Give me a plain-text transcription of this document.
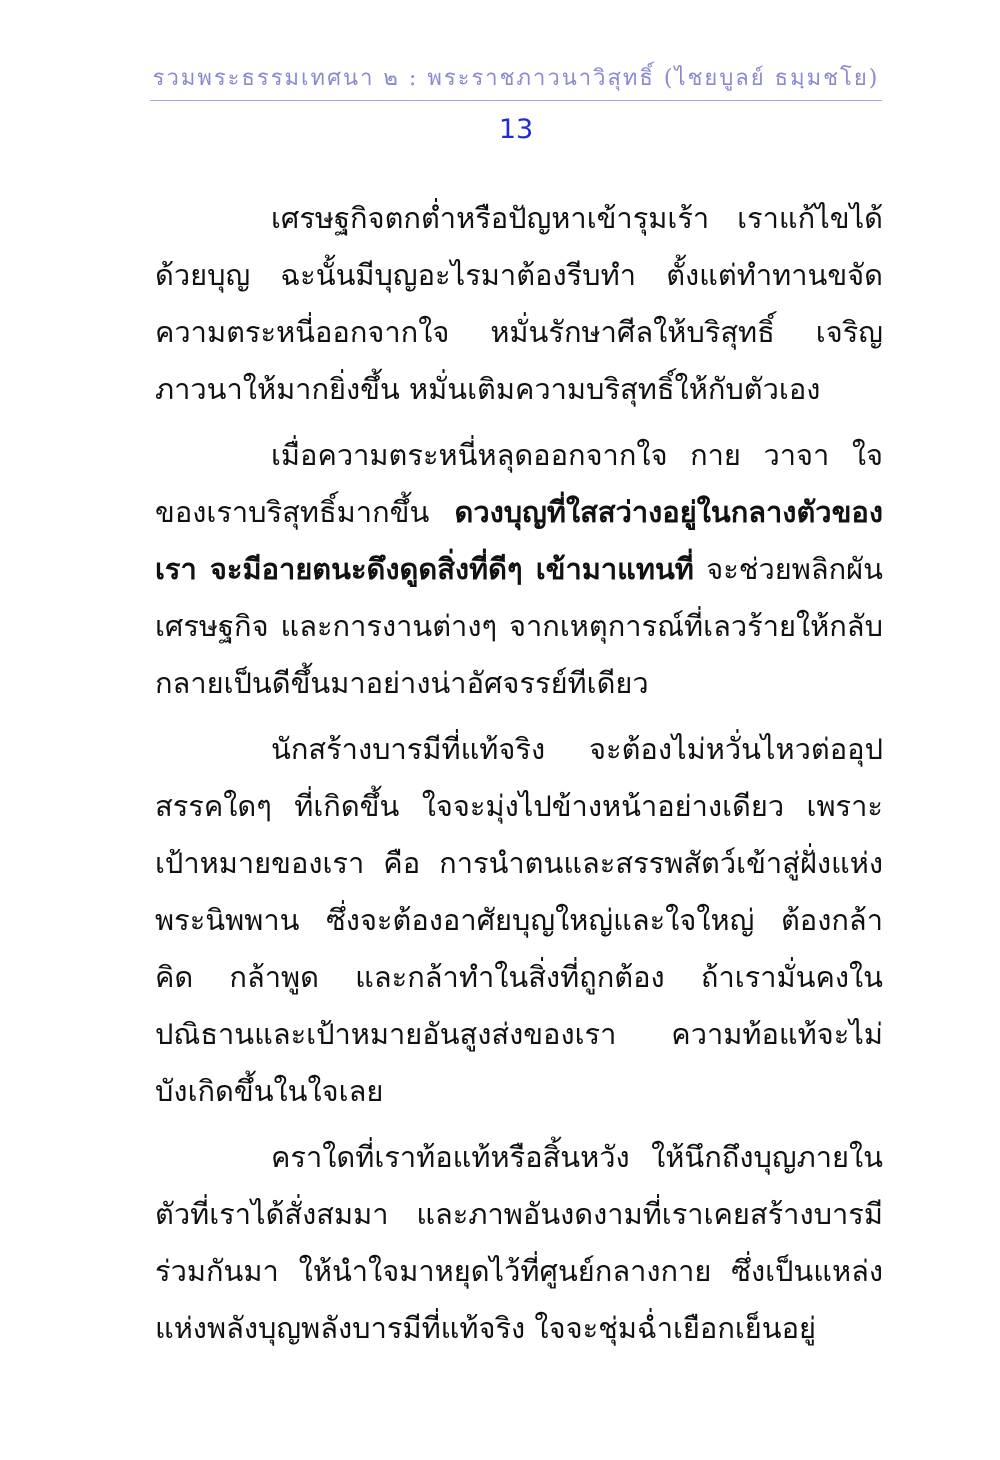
รวมพระธรรมเทศนา ๒ : พระราชภาวนาวิสุทธิ์ (ไชยบูลย์ ธมฺมชโย)
13

เศรษฐกิจตกต่ำหรือปัญหาเข้ารุมเร้า เราแก้ไขได้ด้วยบุญ ฉะนั้นมีบุญอะไรมาต้องรีบทำ ตั้งแต่ทำทานขจัดความตระหนี่ออกจากใจ หมั่นรักษาศีลให้บริสุทธิ์ เจริญภาวนาให้มากยิ่งขึ้น หมั่นเติมความบริสุทธิ์ให้กับตัวเอง

เมื่อความตระหนี่หลุดออกจากใจ กาย วาจา ใจของเราบริสุทธิ์มากขึ้น ดวงบุญที่ใสสว่างอยู่ในกลางตัวของเรา จะมีอายตนะดึงดูดสิ่งที่ดีๆ เข้ามาแทนที่ จะช่วยพลิกผันเศรษฐกิจ และการงานต่างๆ จากเหตุการณ์ที่เลวร้ายให้กลับกลายเป็นดีขึ้นมาอย่างน่าอัศจรรย์ทีเดียว

นักสร้างบารมีที่แท้จริง จะต้องไม่หวั่นไหวต่ออุปสรรคใดๆ ที่เกิดขึ้น ใจจะมุ่งไปข้างหน้าอย่างเดียว เพราะเป้าหมายของเรา คือ การนำตนและสรรพสัตว์เข้าสู่ฝั่งแห่งพระนิพพาน ซึ่งจะต้องอาศัยบุญใหญ่และใจใหญ่ ต้องกล้าคิด กล้าพูด และกล้าทำในสิ่งที่ถูกต้อง ถ้าเรามั่นคงในปณิธานและเป้าหมายอันสูงส่งของเรา ความท้อแท้จะไม่บังเกิดขึ้นในใจเลย

คราใดที่เราท้อแท้หรือสิ้นหวัง ให้นึกถึงบุญภายในตัวที่เราได้สั่งสมมา และภาพอันงดงามที่เราเคยสร้างบารมีร่วมกันมา ให้นำใจมาหยุดไว้ที่ศูนย์กลางกาย ซึ่งเป็นแหล่งแห่งพลังบุญพลังบารมีที่แท้จริง ใจจะชุ่มฉ่ำเยือกเย็นอยู่
